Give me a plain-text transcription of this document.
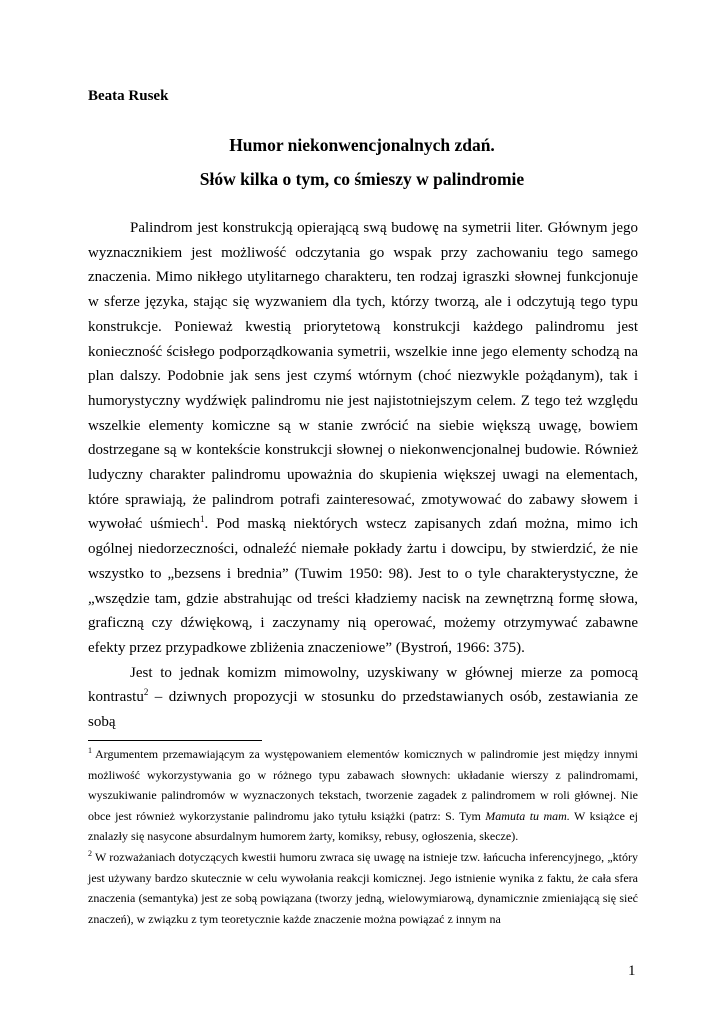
Beata Rusek
Humor niekonwencjonalnych zdań.
Słów kilka o tym, co śmieszy w palindromie

Palindrom jest konstrukcją opierającą swą budowę na symetrii liter. Głównym jego wyznacznikiem jest możliwość odczytania go wspak przy zachowaniu tego samego znaczenia. Mimo nikłego utylitarnego charakteru, ten rodzaj igraszki słownej funkcjonuje w sferze języka, stając się wyzwaniem dla tych, którzy tworzą, ale i odczytują tego typu konstrukcje. Ponieważ kwestią priorytetową konstrukcji każdego palindromu jest konieczność ścisłego podporządkowania symetrii, wszelkie inne jego elementy schodzą na plan dalszy. Podobnie jak sens jest czymś wtórnym (choć niezwykle pożądanym), tak i humorystyczny wydźwięk palindromu nie jest najistotniejszym celem. Z tego też względu wszelkie elementy komiczne są w stanie zwrócić na siebie większą uwagę, bowiem dostrzegane są w kontekście konstrukcji słownej o niekonwencjonalnej budowie. Również ludyczny charakter palindromu upoważnia do skupienia większej uwagi na elementach, które sprawiają, że palindrom potrafi zainteresować, zmotywować do zabawy słowem i wywołać uśmiech$^1$. Pod maską niektórych wstecz zapisanych zdań można, mimo ich ogólnej niedorzeczności, odnaleźć niemałe pokłady żartu i dowcipu, by stwierdzić, że nie wszystko to „bezsens i brednia” (Tuwim 1950: 98). Jest to o tyle charakterystyczne, że „wszędzie tam, gdzie abstrahując od treści kładziemy nacisk na zewnętrzną formę słowa, graficzną czy dźwiękową, i zaczynamy nią operować, możemy otrzymywać zabawne efekty przez przypadkowe zbliżenia znaczeniowe” (Bystroń, 1966: 375).

Jest to jednak komizm mimowolny, uzyskiwany w głównej mierze za pomocą kontrastu$^2$ – dziwnych propozycji w stosunku do przedstawianych osób, zestawiania ze sobą

$^1$ Argumentem przemawiającym za występowaniem elementów komicznych w palindromie jest między innymi możliwość wykorzystywania go w różnego typu zabawach słownych: układanie wierszy z palindromami, wyszukiwanie palindromów w wyznaczonych tekstach, tworzenie zagadek z palindromem w roli głównej. Nie obce jest również wykorzystanie palindromu jako tytułu książki (patrz: S. Tym Mamuta tu mam. W książce ej znalazły się nasycone absurdalnym humorem żarty, komiksy, rebusy, ogłoszenia, skecze).

$^2$ W rozważaniach dotyczących kwestii humoru zwraca się uwagę na istnieje tzw. łańcucha inferencyjnego, „który jest używany bardzo skutecznie w celu wywołania reakcji komicznej. Jego istnienie wynika z faktu, że cała sfera znaczenia (semantyka) jest ze sobą powiązana (tworzy jedną, wielowymiarową, dynamicznie zmieniającą się sieć znaczeń), w związku z tym teoretycznie każde znaczenie można powiązać z innym na

1
